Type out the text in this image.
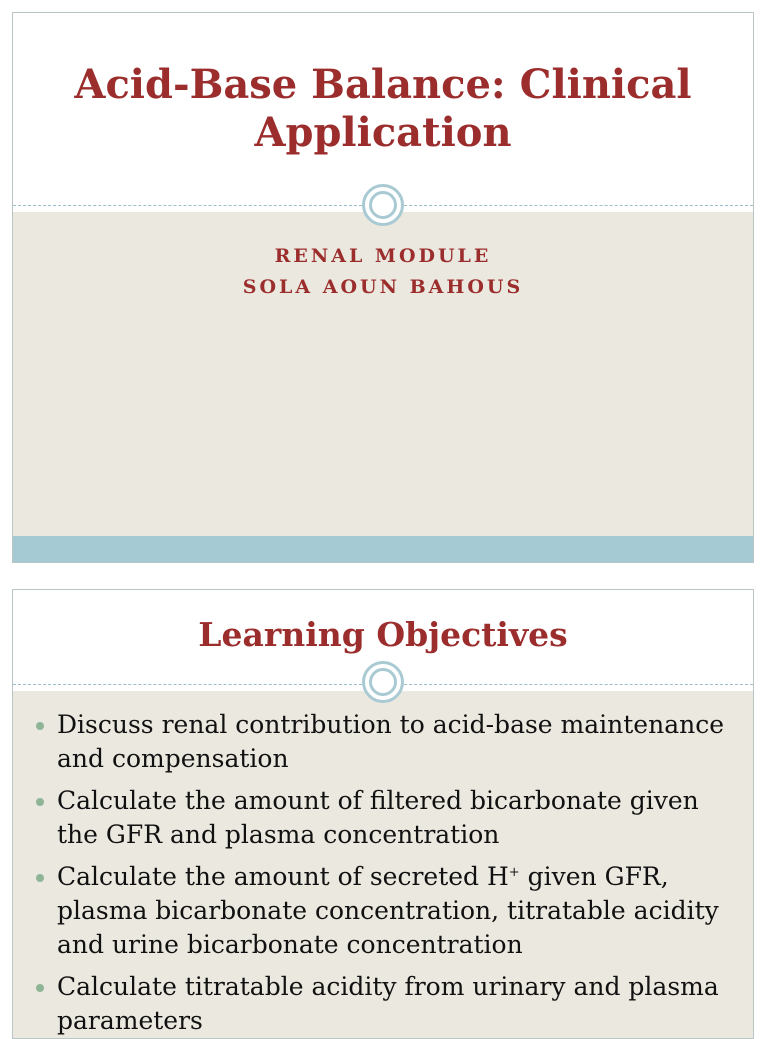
Acid-Base Balance: Clinical
Application
RENAL MODULE
SOLA AOUN BAHOUS
Learning Objectives
Discuss renal contribution to acid-base maintenance and compensation
Calculate the amount of filtered bicarbonate given the GFR and plasma concentration
Calculate the amount of secreted H+ given GFR, plasma bicarbonate concentration, titratable acidity and urine bicarbonate concentration
Calculate titratable acidity from urinary and plasma parameters
